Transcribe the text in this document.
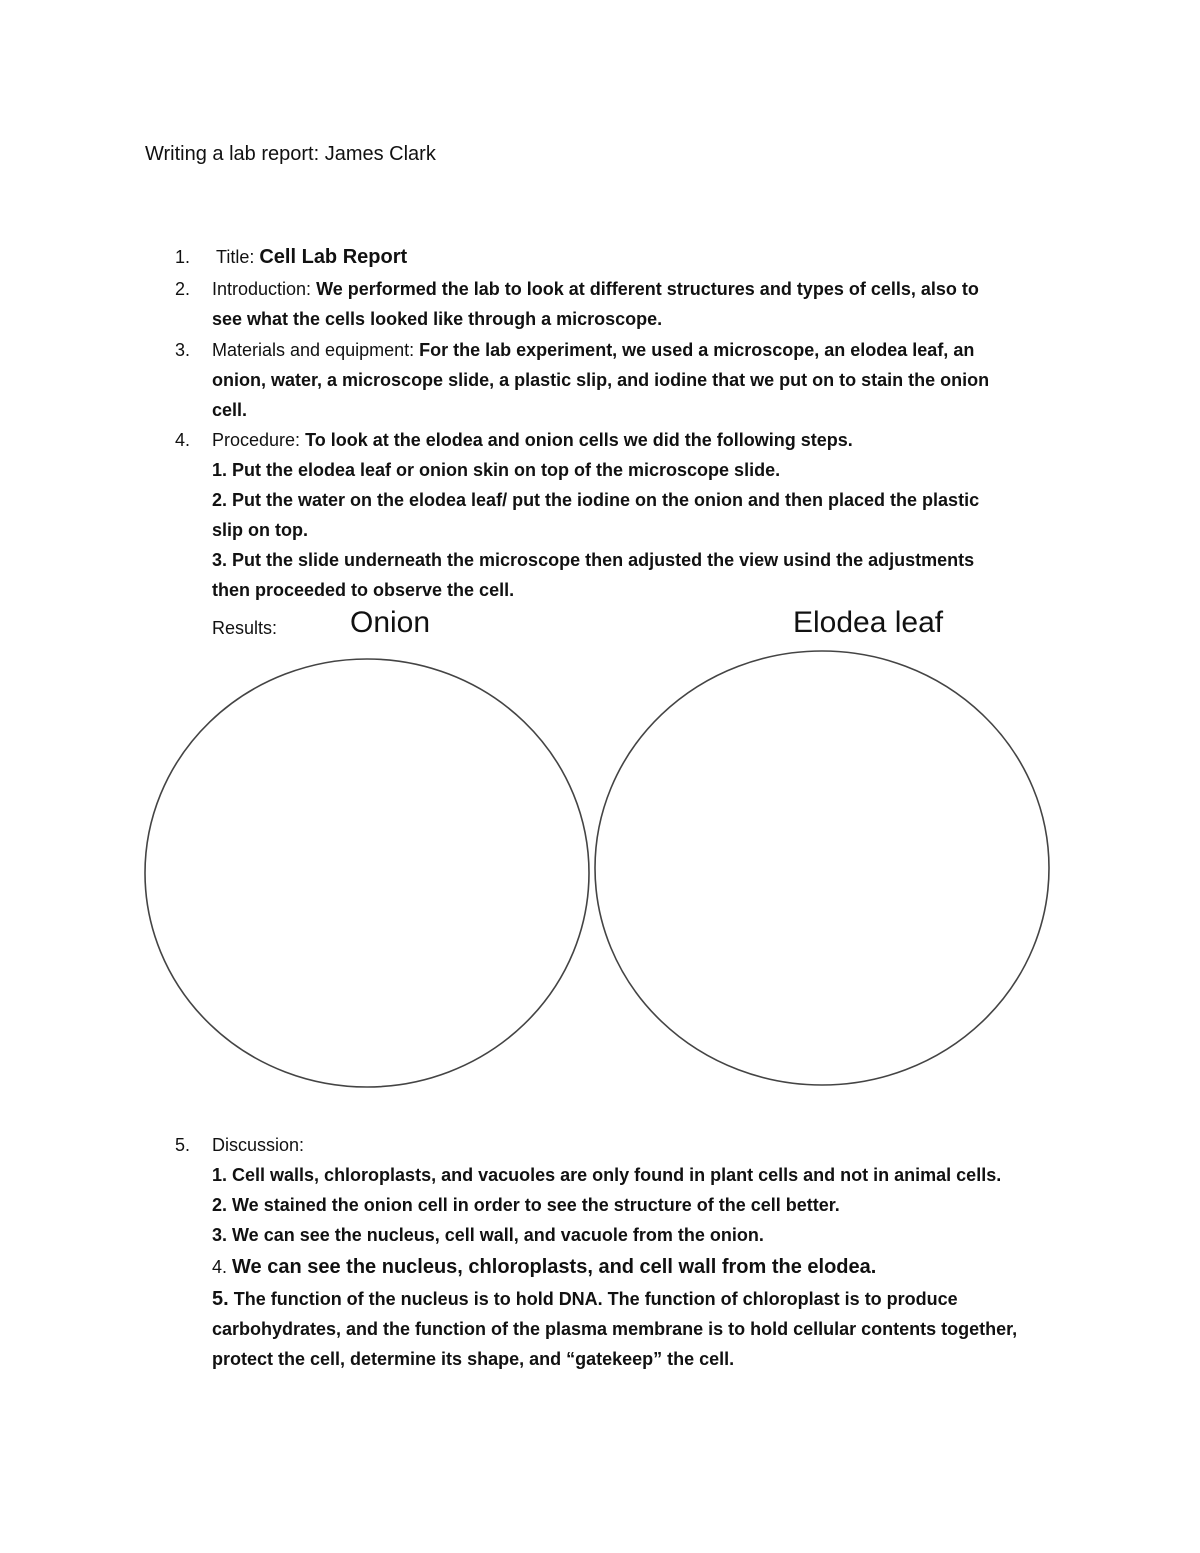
Writing a lab report: James Clark
1.	Title: Cell Lab Report
2.	Introduction: We performed the lab to look at different structures and types of cells, also to
see what the cells looked like through a microscope.
3.	Materials and equipment: For the lab experiment, we used a microscope, an elodea leaf, an
onion, water, a microscope slide, a plastic slip, and iodine that we put on to stain the onion
cell.
4.	Procedure: To look at the elodea and onion cells we did the following steps.
1. Put the elodea leaf or onion skin on top of the microscope slide.
2. Put the water on the elodea leaf/ put the iodine on the onion and then placed the plastic
slip on top.
3. Put the slide underneath the microscope then adjusted the view usind the adjustments
then proceeded to observe the cell.
Results: Onion	Elodea leaf
5.	Discussion:
1. Cell walls, chloroplasts, and vacuoles are only found in plant cells and not in animal cells.
2. We stained the onion cell in order to see the structure of the cell better.
3. We can see the nucleus, cell wall, and vacuole from the onion.
4. We can see the nucleus, chloroplasts, and cell wall from the elodea.
5. The function of the nucleus is to hold DNA. The function of chloroplast is to produce
carbohydrates, and the function of the plasma membrane is to hold cellular contents together,
protect the cell, determine its shape, and “gatekeep” the cell.
